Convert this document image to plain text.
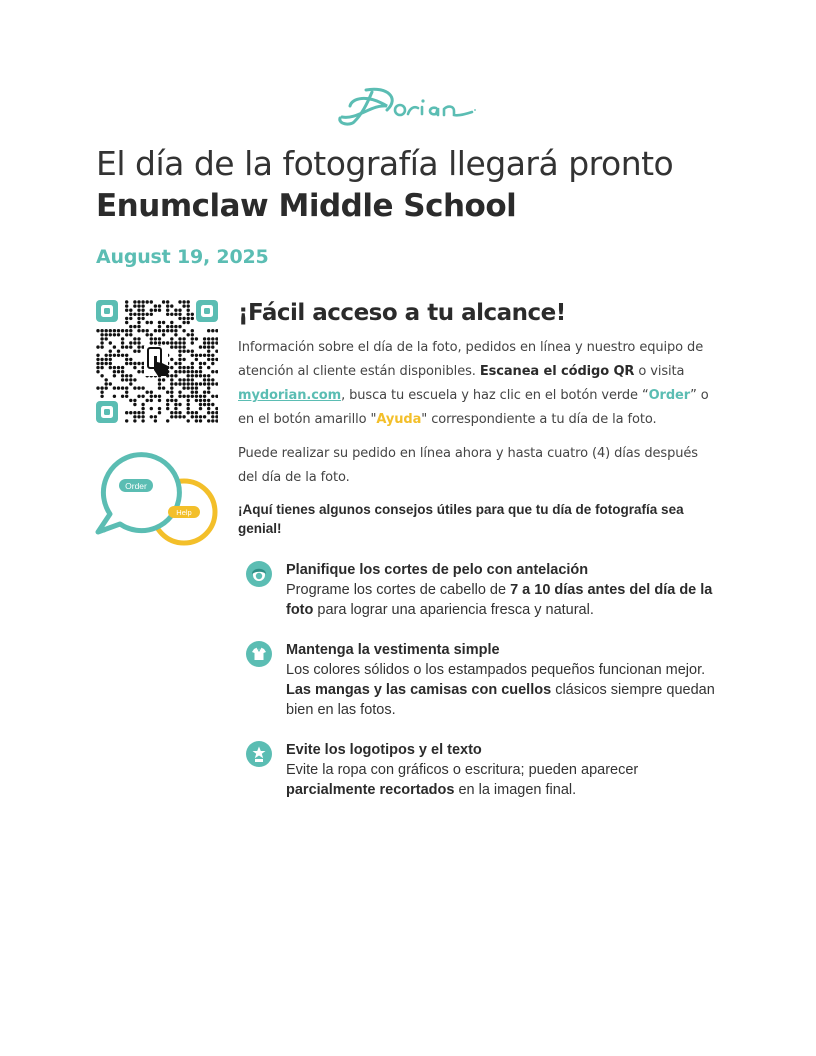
El día de la fotografía llegará pronto
Enumclaw Middle School
August 19, 2025
Order
Help
¡Fácil acceso a tu alcance!

Información sobre el día de la foto, pedidos en línea y nuestro equipo de atención al cliente están disponibles. Escanea el código QR o visita mydorian.com, busca tu escuela y haz clic en el botón verde “Order” o en el botón amarillo "Ayuda" correspondiente a tu día de la foto.

Puede realizar su pedido en línea ahora y hasta cuatro (4) días después del día de la foto.

¡Aquí tienes algunos consejos útiles para que tu día de fotografía sea genial!
Planifique los cortes de pelo con antelación
Programe los cortes de cabello de 7 a 10 días antes del día de la foto para lograr una apariencia fresca y natural.
Mantenga la vestimenta simple
Los colores sólidos o los estampados pequeños funcionan mejor. Las mangas y las camisas con cuellos clásicos siempre quedan bien en las fotos.
Evite los logotipos y el texto
Evite la ropa con gráficos o escritura; pueden aparecer parcialmente recortados en la imagen final.
